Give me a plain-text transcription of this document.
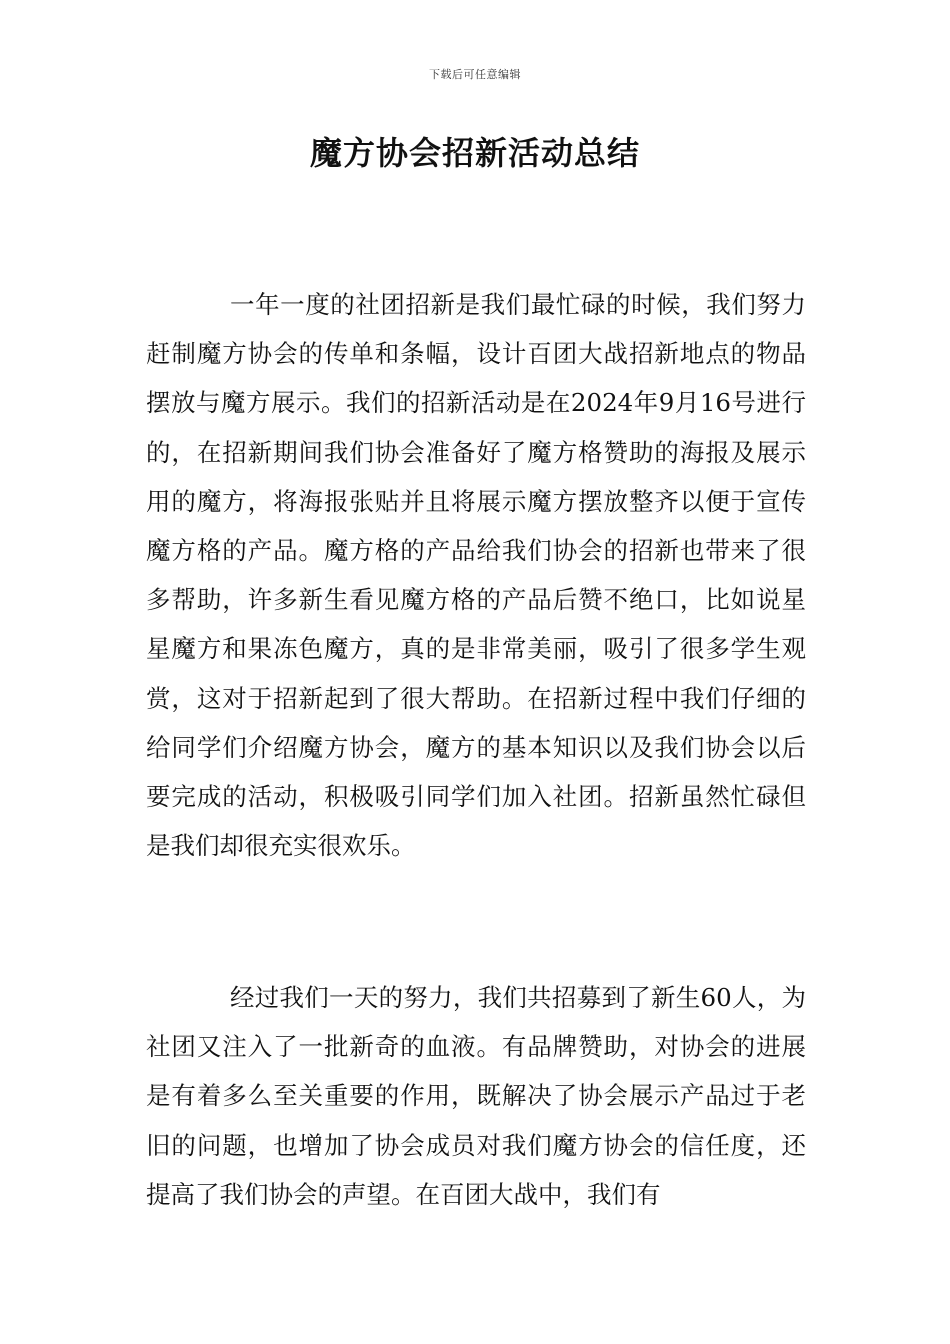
下载后可任意编辑
魔方协会招新活动总结

一年一度的社团招新是我们最忙碌的时候，我们努力赶制魔方协会的传单和条幅，设计百团大战招新地点的物品摆放与魔方展示。我们的招新活动是在2024年9月16号进行的，在招新期间我们协会准备好了魔方格赞助的海报及展示用的魔方，将海报张贴并且将展示魔方摆放整齐以便于宣传魔方格的产品。魔方格的产品给我们协会的招新也带来了很多帮助，许多新生看见魔方格的产品后赞不绝口，比如说星星魔方和果冻色魔方，真的是非常美丽，吸引了很多学生观赏，这对于招新起到了很大帮助。在招新过程中我们仔细的给同学们介绍魔方协会，魔方的基本知识以及我们协会以后要完成的活动，积极吸引同学们加入社团。招新虽然忙碌但是我们却很充实很欢乐。

经过我们一天的努力，我们共招募到了新生60人，为社团又注入了一批新奇的血液。有品牌赞助，对协会的进展是有着多么至关重要的作用，既解决了协会展示产品过于老旧的问题，也增加了协会成员对我们魔方协会的信任度，还提高了我们协会的声望。在百团大战中，我们有
